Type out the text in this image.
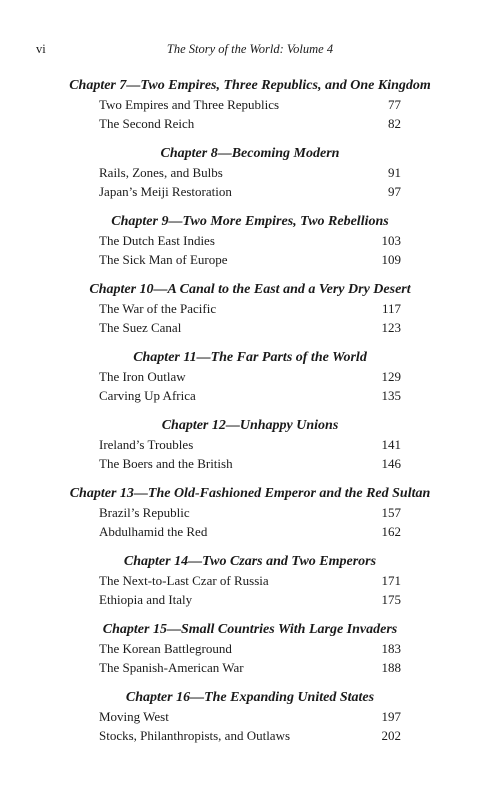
vi	The Story of the World: Volume 4
Chapter 7—Two Empires, Three Republics, and One Kingdom
Two Empires and Three Republics	77
The Second Reich	82
Chapter 8—Becoming Modern
Rails, Zones, and Bulbs	91
Japan’s Meiji Restoration	97
Chapter 9—Two More Empires, Two Rebellions
The Dutch East Indies	103
The Sick Man of Europe	109
Chapter 10—A Canal to the East and a Very Dry Desert
The War of the Pacific	117
The Suez Canal	123
Chapter 11—The Far Parts of the World
The Iron Outlaw	129
Carving Up Africa	135
Chapter 12—Unhappy Unions
Ireland’s Troubles	141
The Boers and the British	146
Chapter 13—The Old-Fashioned Emperor and the Red Sultan
Brazil’s Republic	157
Abdulhamid the Red	162
Chapter 14—Two Czars and Two Emperors
The Next-to-Last Czar of Russia	171
Ethiopia and Italy	175
Chapter 15—Small Countries With Large Invaders
The Korean Battleground	183
The Spanish-American War	188
Chapter 16—The Expanding United States
Moving West	197
Stocks, Philanthropists, and Outlaws	202
